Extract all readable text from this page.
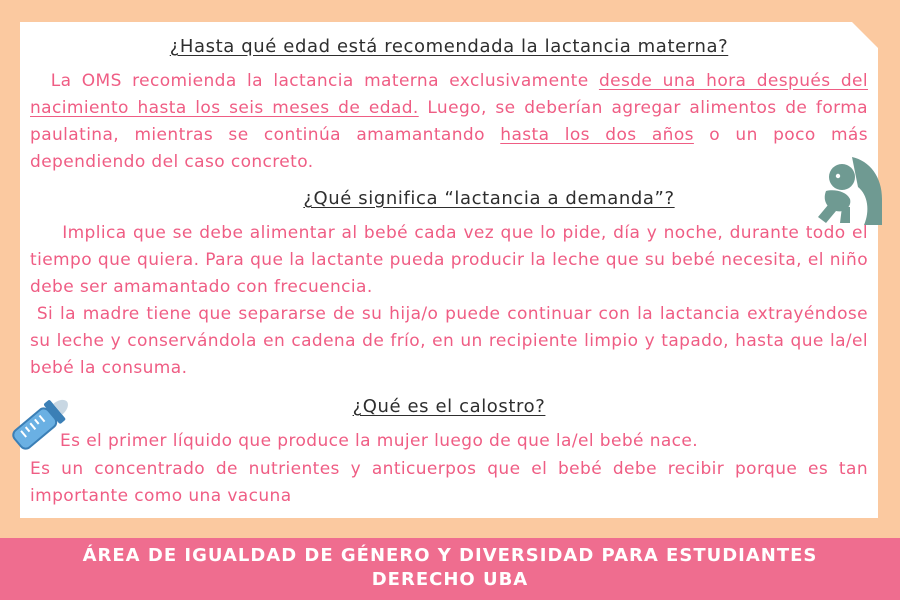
¿Hasta qué edad está recomendada la lactancia materna?

La OMS recomienda la lactancia materna exclusivamente desde una hora después del nacimiento hasta los seis meses de edad. Luego, se deberían agregar alimentos de forma paulatina, mientras se continúa amamantando hasta los dos años o un poco más dependiendo del caso concreto.

¿Qué significa “lactancia a demanda”?

Implica que se debe alimentar al bebé cada vez que lo pide, día y noche, durante todo el tiempo que quiera. Para que la lactante pueda producir la leche que su bebé necesita, el niño debe ser amamantado con frecuencia.

Si la madre tiene que separarse de su hija/o puede continuar con la lactancia extrayéndose su leche y conservándola en cadena de frío, en un recipiente limpio y tapado, hasta que la/el bebé la consuma.

¿Qué es el calostro?

Es el primer líquido que produce la mujer luego de que la/el bebé nace.

Es un concentrado de nutrientes y anticuerpos que el bebé debe recibir porque es tan importante como una vacuna

ÁREA DE IGUALDAD DE GÉNERO Y DIVERSIDAD PARA ESTUDIANTES
DERECHO UBA
